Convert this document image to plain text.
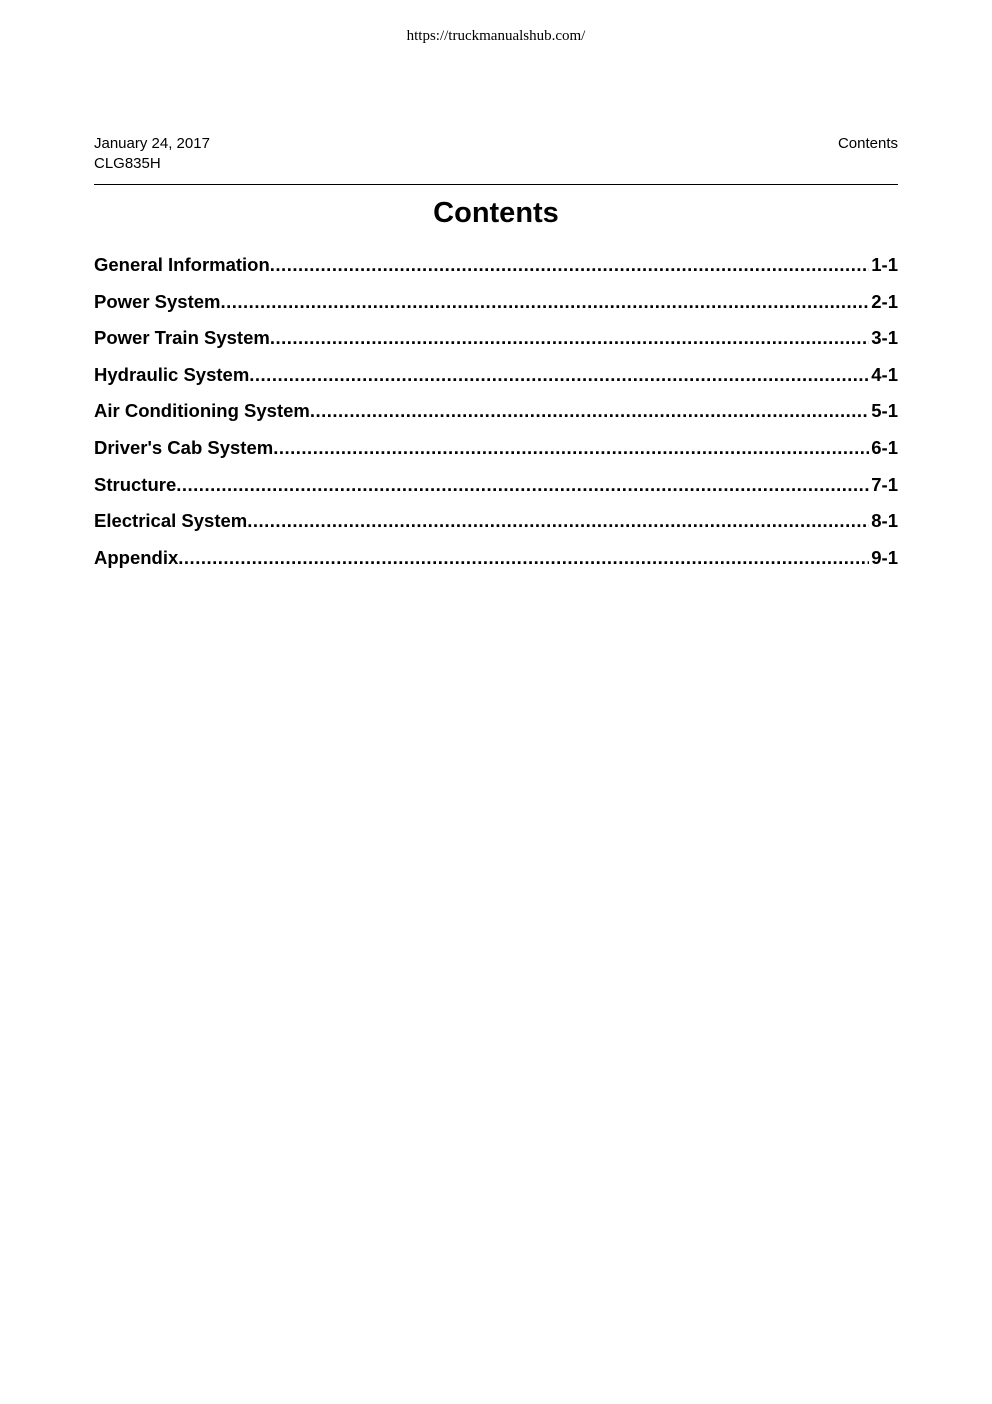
https://truckmanualshub.com/
January 24, 2017
CLG835H
Contents
Contents
General Information .....	1-1
Power System .....	2-1
Power Train System .....	3-1
Hydraulic System .....	4-1
Air Conditioning System .....	5-1
Driver's Cab System .....	6-1
Structure .....	7-1
Electrical System .....	8-1
Appendix .....	9-1
